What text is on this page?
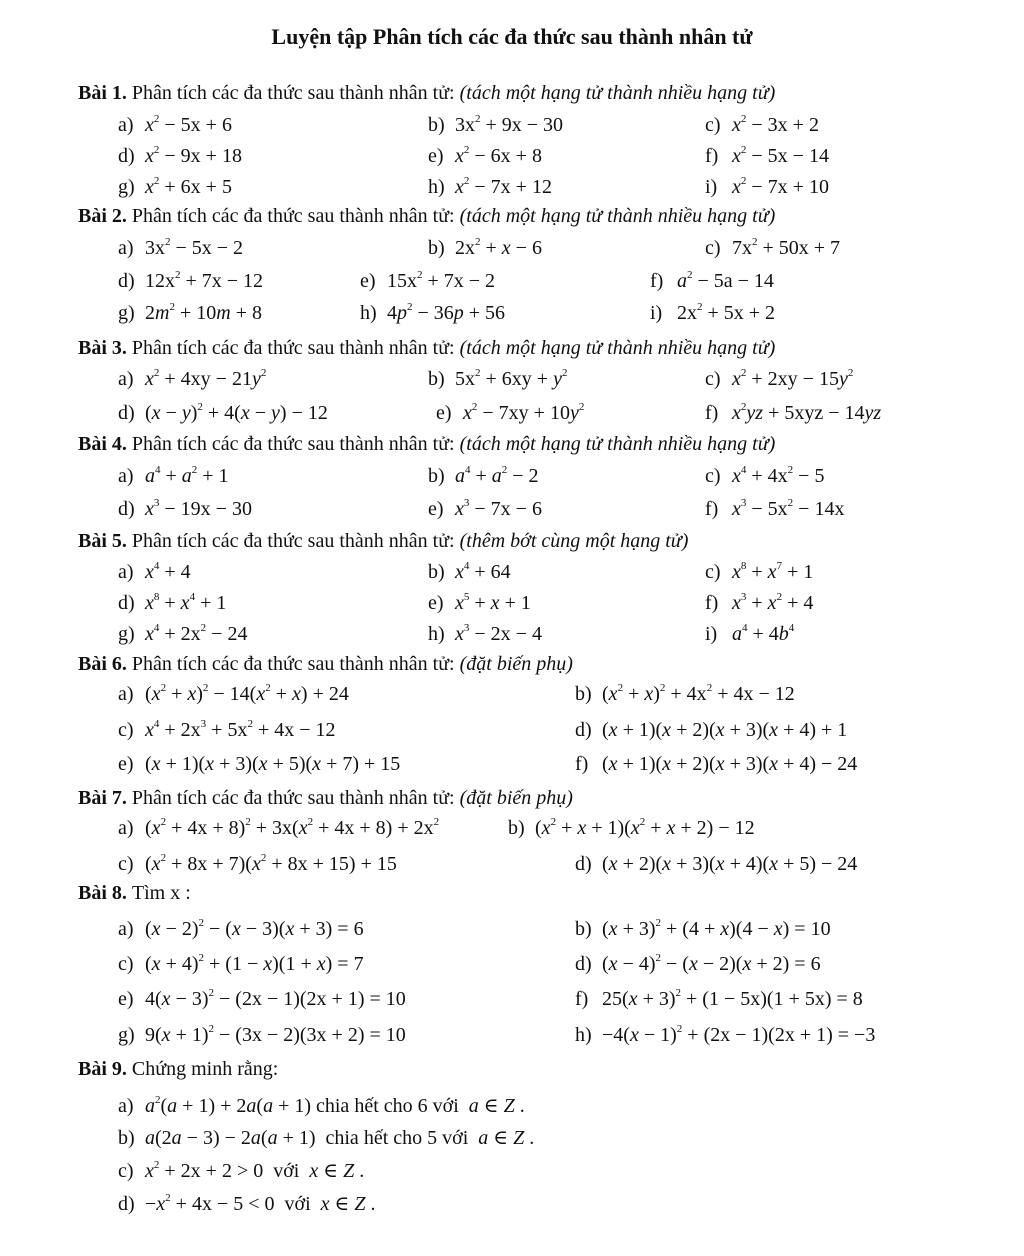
Luyện tập Phân tích các đa thức sau thành nhân tử
Bài 1. Phân tích các đa thức sau thành nhân tử: (tách một hạng tử thành nhiều hạng tử)
Bài 2. Phân tích các đa thức sau thành nhân tử: (tách một hạng tử thành nhiều hạng tử)
Bài 3. Phân tích các đa thức sau thành nhân tử: (tách một hạng tử thành nhiều hạng tử)
Bài 4. Phân tích các đa thức sau thành nhân tử: (tách một hạng tử thành nhiều hạng tử)
Bài 5. Phân tích các đa thức sau thành nhân tử: (thêm bớt cùng một hạng tử)
Bài 6. Phân tích các đa thức sau thành nhân tử: (đặt biến phụ)
Bài 7. Phân tích các đa thức sau thành nhân tử: (đặt biến phụ)
Bài 8. Tìm x :
Bài 9. Chứng minh rằng:
a) $x^2 - 5x + 6$	b) $3x^2 + 9x - 30$	c) $x^2 - 3x + 2$
d) $x^2 - 9x + 18$	e) $x^2 - 6x + 8$	f) $x^2 - 5x - 14$
g) $x^2 + 6x + 5$	h) $x^2 - 7x + 12$	i) $x^2 - 7x + 10$
a) $3x^2 - 5x - 2$	b) $2x^2 + x - 6$	c) $7x^2 + 50x + 7$
d) $12x^2 + 7x - 12$	e) $15x^2 + 7x - 2$	f) $a^2 - 5a - 14$
g) $2m^2 + 10m + 8$	h) $4p^2 - 36p + 56$	i) $2x^2 + 5x + 2$
a) $x^2 + 4xy - 21y^2$	b) $5x^2 + 6xy + y^2$	c) $x^2 + 2xy - 15y^2$
d) $(x - y)^2 + 4(x - y) - 12$	e) $x^2 - 7xy + 10y^2$	f) $x^2yz + 5xyz - 14yz$
a) $a^4 + a^2 + 1$	b) $a^4 + a^2 - 2$	c) $x^4 + 4x^2 - 5$
d) $x^3 - 19x - 30$	e) $x^3 - 7x - 6$	f) $x^3 - 5x^2 - 14x$
a) $x^4 + 4$	b) $x^4 + 64$	c) $x^8 + x^7 + 1$
d) $x^8 + x^4 + 1$	e) $x^5 + x + 1$	f) $x^3 + x^2 + 4$
g) $x^4 + 2x^2 - 24$	h) $x^3 - 2x - 4$	i) $a^4 + 4b^4$
a) $(x^2 + x)^2 - 14(x^2 + x) + 24$	b) $(x^2 + x)^2 + 4x^2 + 4x - 12$
c) $x^4 + 2x^3 + 5x^2 + 4x - 12$	d) (x + 1)(x + 2)(x + 3)(x + 4) + 1
e) (x + 1)(x + 3)(x + 5)(x + 7) + 15	f) (x + 1)(x + 2)(x + 3)(x + 4) − 24
a) $(x^2 + 4x + 8)^2 + 3x(x^2 + 4x + 8) + 2x^2$	b) $(x^2 + x + 1)(x^2 + x + 2) - 12$
c) $(x^2 + 8x + 7)(x^2 + 8x + 15) + 15$	d) (x + 2)(x + 3)(x + 4)(x + 5) − 24
a) $(x - 2)^2 - (x - 3)(x + 3) = 6$	b) $(x + 3)^2 + (4 + x)(4 - x) = 10$
c) $(x + 4)^2 + (1 - x)(1 + x) = 7$	d) $(x - 4)^2 - (x - 2)(x + 2) = 6$
e) $4(x - 3)^2 - (2x - 1)(2x + 1) = 10$	f) $25(x + 3)^2 + (1 - 5x)(1 + 5x) = 8$
g) $9(x + 1)^2 - (3x - 2)(3x + 2) = 10$	$h) -4(x - 1)^2 + (2x - 1)(2x + 1) = -3$
a) $a^2(a + 1) + 2a(a + 1)$ chia hết cho 6 với  a ∈ Z .
b) a(2a − 3) − 2a(a + 1)  chia hết cho 5 với  a ∈ Z .
c) $x^2 + 2x + 2 > 0$  với  x ∈ Z .
$d) -x^2 + 4x - 5 < 0$  với  x ∈ Z .
